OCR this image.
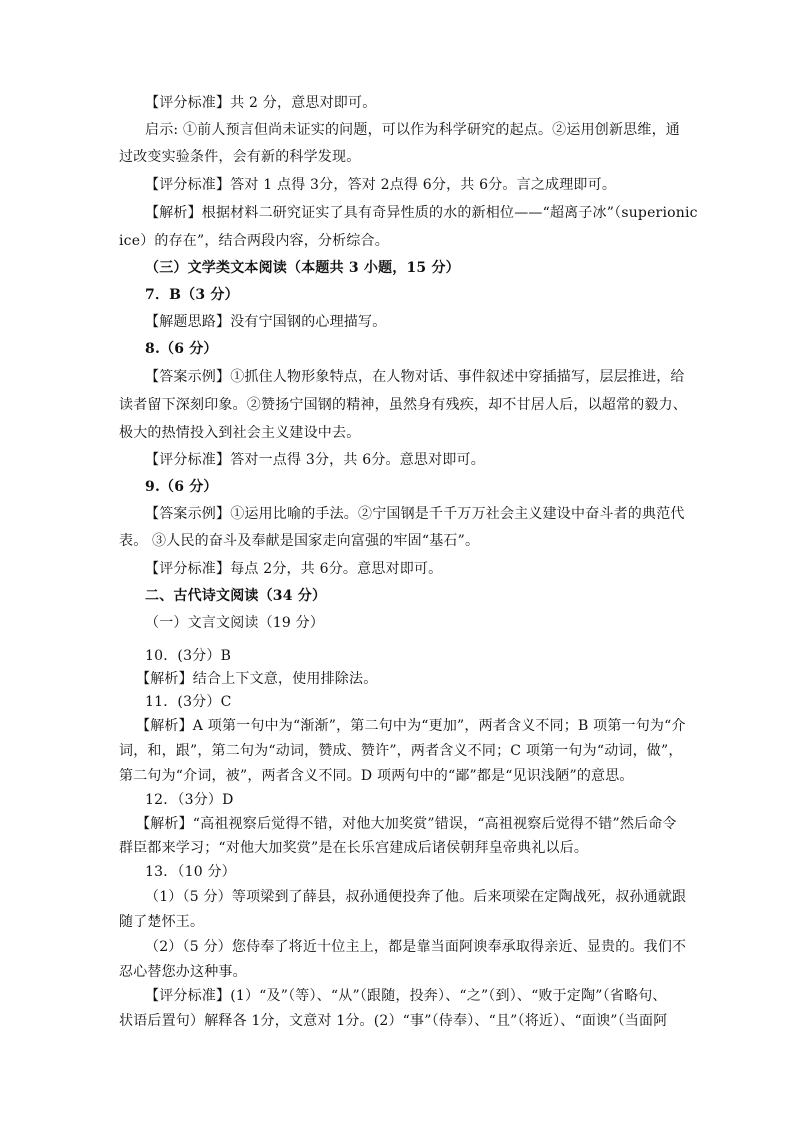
【评分标准】共 2 分，意思对即可。
启示: ①前人预言但尚未证实的问题，可以作为科学研究的起点。②运用创新思维，通
过改变实验条件，会有新的科学发现。
【评分标准】答对 1 点得 3分，答对 2点得 6分，共 6分。言之成理即可。
【解析】根据材料二研究证实了具有奇异性质的水的新相位——“超离子冰”（superionic
ice）的存在”，结合两段内容，分析综合。
（三）文学类文本阅读（本题共 3 小题，15 分）
7．B（3 分）
【解题思路】没有宁国钢的心理描写。
8.（6 分）
【答案示例】①抓住人物形象特点，在人物对话、事件叙述中穿插描写，层层推进，给
读者留下深刻印象。②赞扬宁国钢的精神，虽然身有残疾，却不甘居人后，以超常的毅力、
极大的热情投入到社会主义建设中去。
【评分标准】答对一点得 3分，共 6分。意思对即可。
9.（6 分）
【答案示例】①运用比喻的手法。②宁国钢是千千万万社会主义建设中奋斗者的典范代
表。 ③人民的奋斗及奉献是国家走向富强的牢固“基石”。
【评分标准】每点 2分，共 6分。意思对即可。
二、古代诗文阅读（34 分）
（一）文言文阅读（19 分）
10．(3分）B
【解析】结合上下文意，使用排除法。
11．(3分）C
【解析】A 项第一句中为“渐渐”，第二句中为“更加”，两者含义不同；B 项第一句为“介
词，和，跟”，第二句为“动词，赞成、赞许”，两者含义不同；C 项第一句为“动词，做”，
第二句为“介词，被”，两者含义不同。D 项两句中的“鄙”都是“见识浅陋”的意思。
12．（3分）D
【解析】“高祖视察后觉得不错，对他大加奖赏”错误，“高祖视察后觉得不错”然后命令
群臣都来学习；“对他大加奖赏”是在长乐宫建成后诸侯朝拜皇帝典礼以后。
13．（10 分）
（1）（5 分）等项梁到了薛县，叔孙通便投奔了他。后来项梁在定陶战死，叔孙通就跟
随了楚怀王。
（2）（5 分）您侍奉了将近十位主上，都是靠当面阿谀奉承取得亲近、显贵的。我们不
忍心替您办这种事。
【评分标准】(1）“及”（等）、“从”（跟随，投奔）、“之”（到）、“败于定陶”（省略句、
状语后置句）解释各 1分，文意对 1分。(2）“事”（侍奉）、“且”（将近）、“面谀”（当面阿
